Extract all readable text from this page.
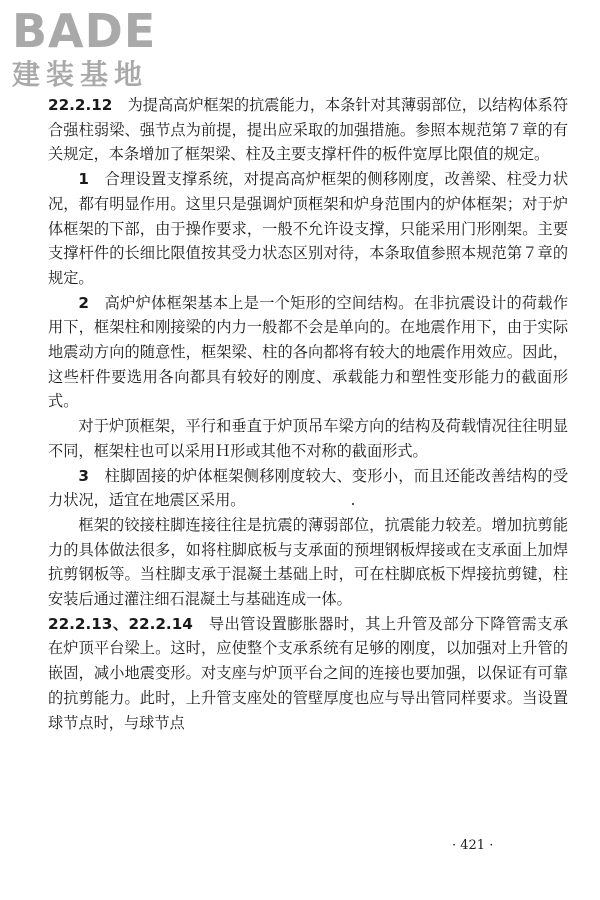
BADE
建装基地

22.2.12　为提高高炉框架的抗震能力，本条针对其薄弱部位，以结构体系符合强柱弱梁、强节点为前提，提出应采取的加强措施。参照本规范第７章的有关规定，本条增加了框架梁、柱及主要支撑杆件的板件宽厚比限值的规定。

1　合理设置支撑系统，对提高高炉框架的侧移刚度，改善梁、柱受力状况，都有明显作用。这里只是强调炉顶框架和炉身范围内的炉体框架；对于炉体框架的下部，由于操作要求，一般不允许设支撑，只能采用门形刚架。主要支撑杆件的长细比限值按其受力状态区别对待，本条取值参照本规范第７章的规定。

2　高炉炉体框架基本上是一个矩形的空间结构。在非抗震设计的荷载作用下，框架柱和刚接梁的内力一般都不会是单向的。在地震作用下，由于实际地震动方向的随意性，框架梁、柱的各向都将有较大的地震作用效应。因此，这些杆件要选用各向都具有较好的刚度、承载能力和塑性变形能力的截面形式。

对于炉顶框架，平行和垂直于炉顶吊车梁方向的结构及荷载情况往往明显不同，框架柱也可以采用Ｈ形或其他不对称的截面形式。

3　柱脚固接的炉体框架侧移刚度较大、变形小，而且还能改善结构的受力状况，适宜在地震区采用。

框架的铰接柱脚连接往往是抗震的薄弱部位，抗震能力较差。增加抗剪能力的具体做法很多，如将柱脚底板与支承面的预埋钢板焊接或在支承面上加焊抗剪钢板等。当柱脚支承于混凝土基础上时，可在柱脚底板下焊接抗剪键，柱安装后通过灌注细石混凝土与基础连成一体。

22.2.13、22.2.14　导出管设置膨胀器时，其上升管及部分下降管需支承在炉顶平台梁上。这时，应使整个支承系统有足够的刚度，以加强对上升管的嵌固，减小地震变形。对支座与炉顶平台之间的连接也要加强，以保证有可靠的抗剪能力。此时，上升管支座处的管壁厚度也应与导出管同样要求。当设置球节点时，与球节点

· 421 ·
